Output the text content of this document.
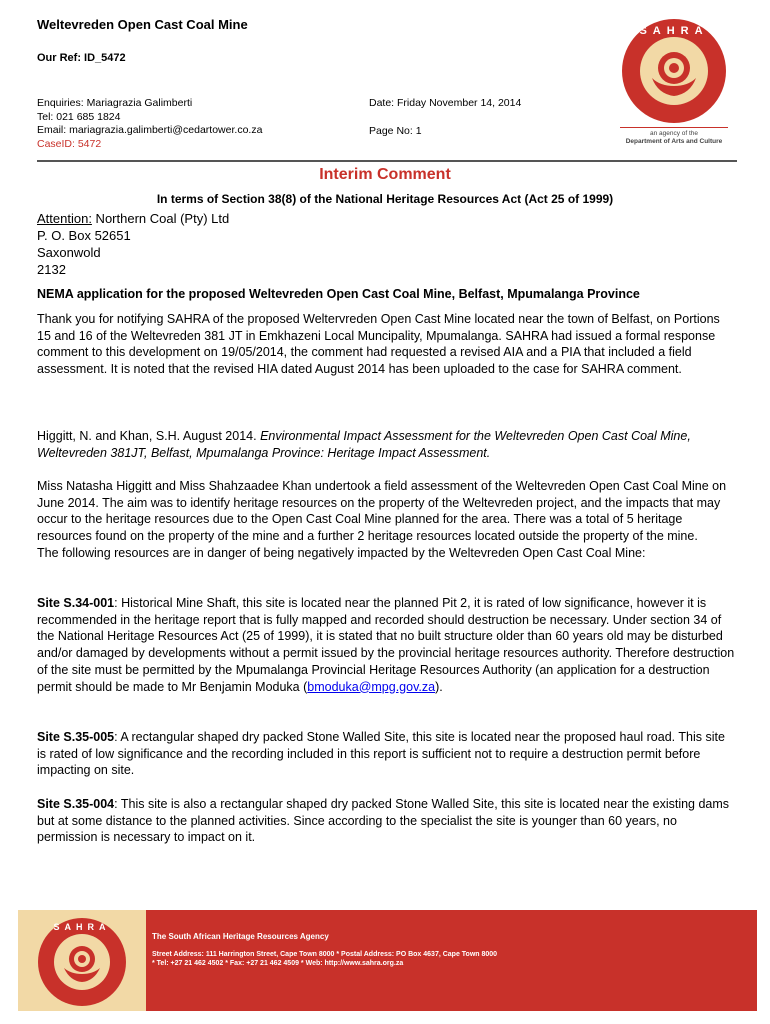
Weltevreden Open Cast Coal Mine
Our Ref: ID_5472
Enquiries: Mariagrazia Galimberti
Tel: 021 685 1824
Email: mariagrazia.galimberti@cedartower.co.za
CaseID: 5472
Date: Friday November 14, 2014
Page No: 1
SAHRA
an agency of the
Department of Arts and Culture
Interim Comment
In terms of Section 38(8) of the National Heritage Resources Act (Act 25 of 1999)
Attention: Northern Coal (Pty) Ltd
P. O. Box 52651
Saxonwold
2132
NEMA application for the proposed Weltevreden Open Cast Coal Mine, Belfast, Mpumalanga Province
Thank you for notifying SAHRA of the proposed Weltervreden Open Cast Mine located near the town of Belfast, on Portions 15 and 16 of the Weltevreden 381 JT in Emkhazeni Local Muncipality, Mpumalanga. SAHRA had issued a formal response comment to this development on 19/05/2014, the comment had requested a revised AIA and a PIA that included a field assessment. It is noted that the revised HIA dated August 2014 has been uploaded to the case for SAHRA comment.
Higgitt, N. and Khan, S.H. August 2014. Environmental Impact Assessment for the Weltevreden Open Cast Coal Mine, Weltevreden 381JT, Belfast, Mpumalanga Province: Heritage Impact Assessment.
Miss Natasha Higgitt and Miss Shahzaadee Khan undertook a field assessment of the Weltevreden Open Cast Coal Mine on June 2014. The aim was to identify heritage resources on the property of the Weltevreden project, and the impacts that may occur to the heritage resources due to the Open Cast Coal Mine planned for the area. There was a total of 5 heritage resources found on the property of the mine and a further 2 heritage resources located outside the property of the mine.
The following resources are in danger of being negatively impacted by the Weltevreden Open Cast Coal Mine:
Site S.34-001: Historical Mine Shaft, this site is located near the planned Pit 2, it is rated of low significance, however it is recommended in the heritage report that is fully mapped and recorded should destruction be necessary. Under section 34 of the National Heritage Resources Act (25 of 1999), it is stated that no built structure older than 60 years old may be disturbed and/or damaged by developments without a permit issued by the provincial heritage resources authority. Therefore destruction of the site must be permitted by the Mpumalanga Provincial Heritage Resources Authority (an application for a destruction permit should be made to Mr Benjamin Moduka (bmoduka@mpg.gov.za).
Site S.35-005: A rectangular shaped dry packed Stone Walled Site, this site is located near the proposed haul road. This site is rated of low significance and the recording included in this report is sufficient not to require a destruction permit before impacting on site.
Site S.35-004: This site is also a rectangular shaped dry packed Stone Walled Site, this site is located near the existing dams but at some distance to the planned activities. Since according to the specialist the site is younger than 60 years, no permission is necessary to impact on it.
SAHRA
The South African Heritage Resources Agency
Street Address: 111 Harrington Street, Cape Town 8000 * Postal Address: PO Box 4637, Cape Town 8000
* Tel: +27 21 462 4502 * Fax: +27 21 462 4509 * Web: http://www.sahra.org.za
